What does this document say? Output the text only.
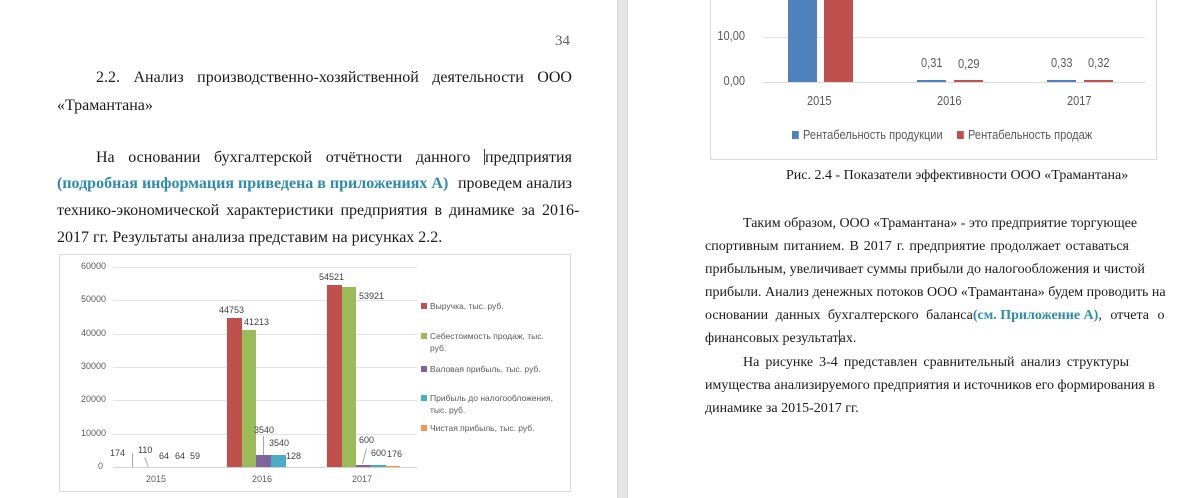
34
2.2. Анализ производственно-хозяйственной деятельности ООО
«Трамантана»
На основании бухгалтерской отчётности данного предприятия
(подробная информация приведена в приложениях А) проведем анализ
технико-экономической характеристики предприятия в динамике за 2016-
2017 гг. Результаты анализа представим на рисунках 2.2.
60000
50000
40000
30000
20000
10000
0
174 110
64 64 59
44753
41213
3540
3540
128
54521
53921
600
600 176
2015	2016	2017
Выручка, тыс. руб.
Себестоимость продаж, тыс. руб.
Валовая прибыль, тыс. руб.
Прибыль до налогообложения, тыс. руб.
Чистая прибыль, тыс. руб.
10,00
0,00
0,31 0,29	0,33 0,32
2015	2016	2017
Рентабельность продукции	Рентабельность продаж
Рис. 2.4 - Показатели эффективности ООО «Трамантана»
Таким образом, ООО «Трамантана» - это предприятие торгующее
спортивным питанием. В 2017 г. предприятие продолжает оставаться
прибыльным, увеличивает суммы прибыли до налогообложения и чистой
прибыли. Анализ денежных потоков ООО «Трамантана» будем проводить на
основании данных бухгалтерского баланса (см. Приложение А), отчета о
финансовых результатах.
На рисунке 3-4 представлен сравнительный анализ структуры
имущества анализируемого предприятия и источников его формирования в
динамике за 2015-2017 гг.
